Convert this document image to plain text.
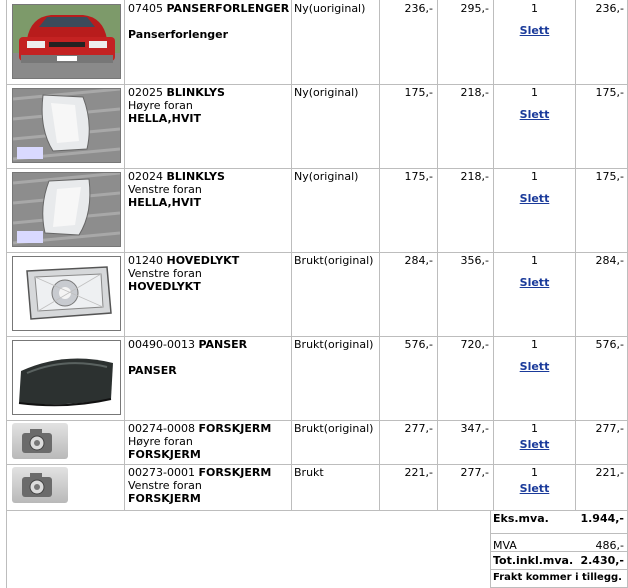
07405 PANSERFORLENGER
Panserforlenger
Ny(uoriginal)	236,-	295,-	1
Slett
236,-
02025 BLINKLYS
Høyre foran
HELLA,HVIT
Ny(original)	175,-	218,-	1
Slett
175,-
02024 BLINKLYS
Venstre foran
HELLA,HVIT
Ny(original)	175,-	218,-	1
Slett
175,-
01240 HOVEDLYKT
Venstre foran
HOVEDLYKT
Brukt(original)	284,-	356,-	1
Slett
284,-
00490-0013 PANSER
PANSER
Brukt(original)	576,-	720,-	1
Slett
576,-
00274-0008 FORSKJERM
Høyre foran
FORSKJERM
Brukt(original)	277,-	347,-	1
Slett
277,-
00273-0001 FORSKJERM
Venstre foran
FORSKJERM
Brukt	221,-	277,-	1
Slett
221,-
Eks.mva.	1.944,-
MVA	486,-
Tot.inkl.mva. 2.430,-
Frakt kommer i tillegg.
